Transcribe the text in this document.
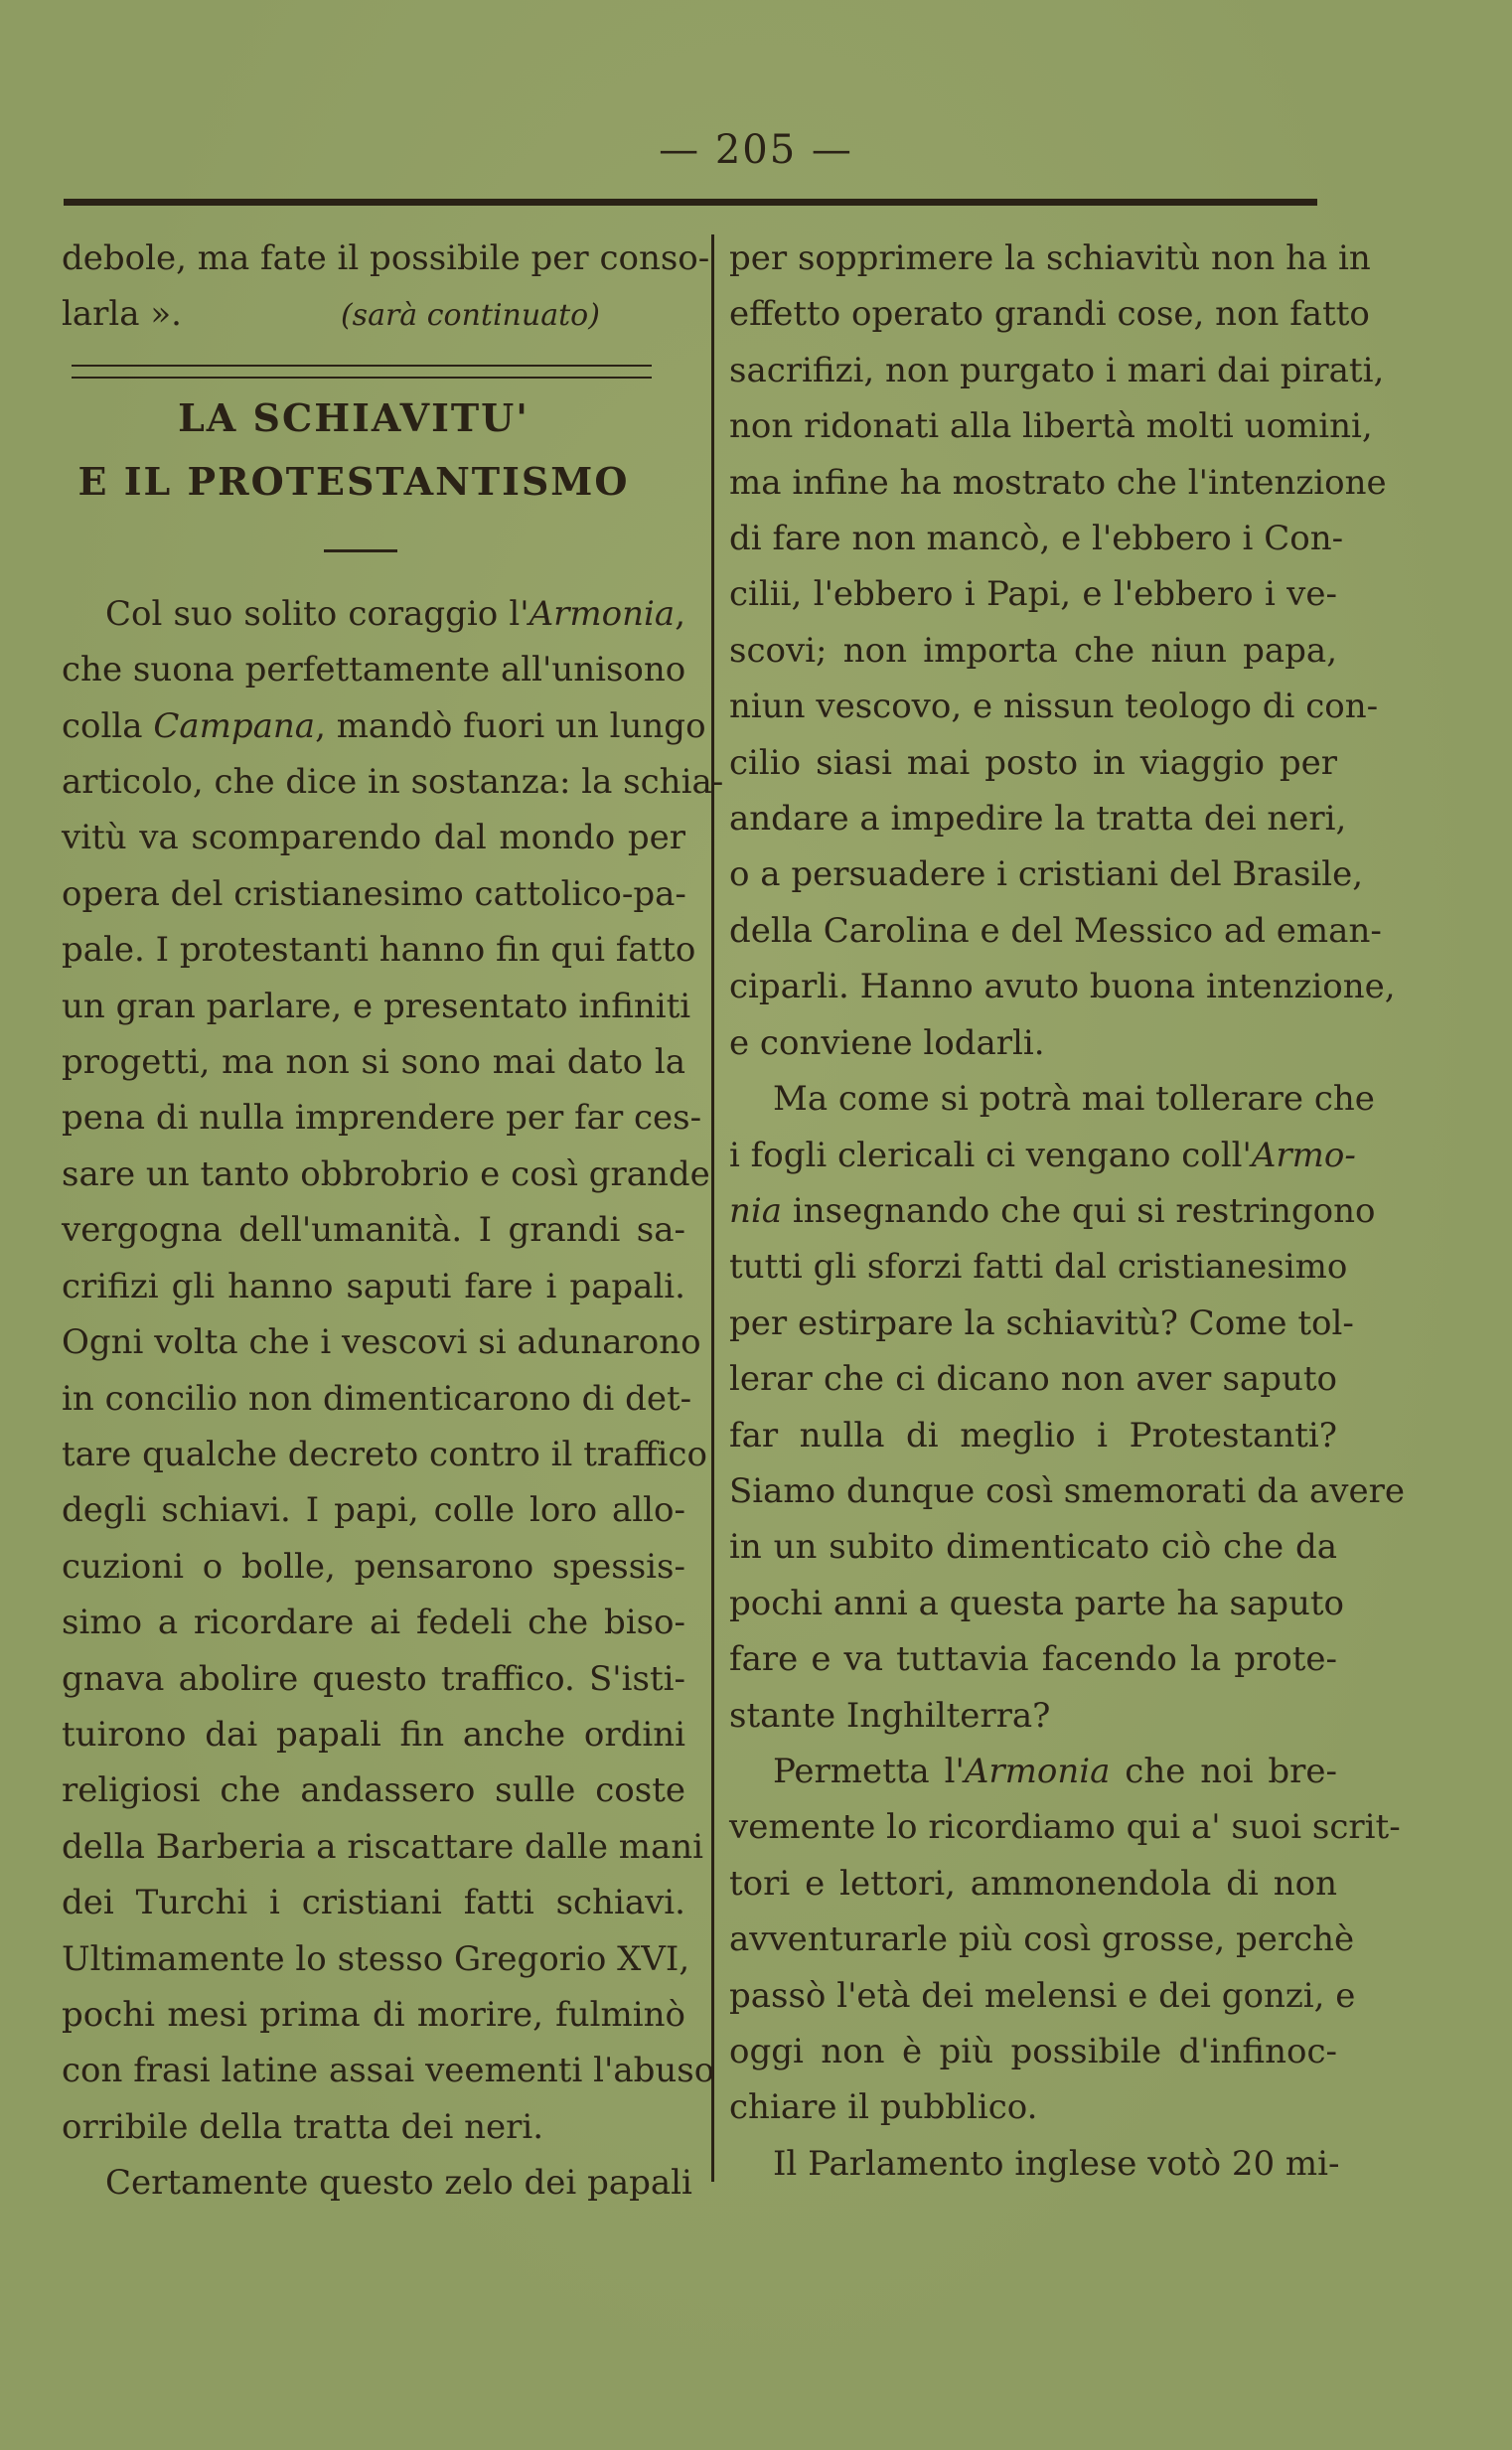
— 205 —
debole, ma fate il possibile per conso-
larla ».	(sarà continuato)
LA SCHIAVITU'
E IL PROTESTANTISMO
Col suo solito coraggio l'Armonia,
che suona perfettamente all'unisono
colla Campana, mandò fuori un lungo
articolo, che dice in sostanza: la schia-
vitù va scomparendo dal mondo per
opera del cristianesimo cattolico-pa-
pale. I protestanti hanno fin qui fatto
un gran parlare, e presentato infiniti
progetti, ma non si sono mai dato la
pena di nulla imprendere per far ces-
sare un tanto obbrobrio e così grande
vergogna dell'umanità. I grandi sa-
crifizi gli hanno saputi fare i papali.
Ogni volta che i vescovi si adunarono
in concilio non dimenticarono di det-
tare qualche decreto contro il traffico
degli schiavi. I papi, colle loro allo-
cuzioni o bolle, pensarono spessis-
simo a ricordare ai fedeli che biso-
gnava abolire questo traffico. S'isti-
tuirono dai papali fin anche ordini
religiosi che andassero sulle coste
della Barberia a riscattare dalle mani
dei Turchi i cristiani fatti schiavi.
Ultimamente lo stesso Gregorio XVI,
pochi mesi prima di morire, fulminò
con frasi latine assai veementi l'abuso
orribile della tratta dei neri.
Certamente questo zelo dei papali
per sopprimere la schiavitù non ha in
effetto operato grandi cose, non fatto
sacrifizi, non purgato i mari dai pirati,
non ridonati alla libertà molti uomini,
ma infine ha mostrato che l'intenzione
di fare non mancò, e l'ebbero i Con-
cilii, l'ebbero i Papi, e l'ebbero i ve-
scovi; non importa che niun papa,
niun vescovo, e nissun teologo di con-
cilio siasi mai posto in viaggio per
andare a impedire la tratta dei neri,
o a persuadere i cristiani del Brasile,
della Carolina e del Messico ad eman-
ciparli. Hanno avuto buona intenzione,
e conviene lodarli.
Ma come si potrà mai tollerare che
i fogli clericali ci vengano coll'Armo-
nia insegnando che qui si restringono
tutti gli sforzi fatti dal cristianesimo
per estirpare la schiavitù? Come tol-
lerar che ci dicano non aver saputo
far nulla di meglio i Protestanti?
Siamo dunque così smemorati da avere
in un subito dimenticato ciò che da
pochi anni a questa parte ha saputo
fare e va tuttavia facendo la prote-
stante Inghilterra?
Permetta l'Armonia che noi bre-
vemente lo ricordiamo qui a' suoi scrit-
tori e lettori, ammonendola di non
avventurarle più così grosse, perchè
passò l'età dei melensi e dei gonzi, e
oggi non è più possibile d'infinoc-
chiare il pubblico.
Il Parlamento inglese votò 20 mi-
